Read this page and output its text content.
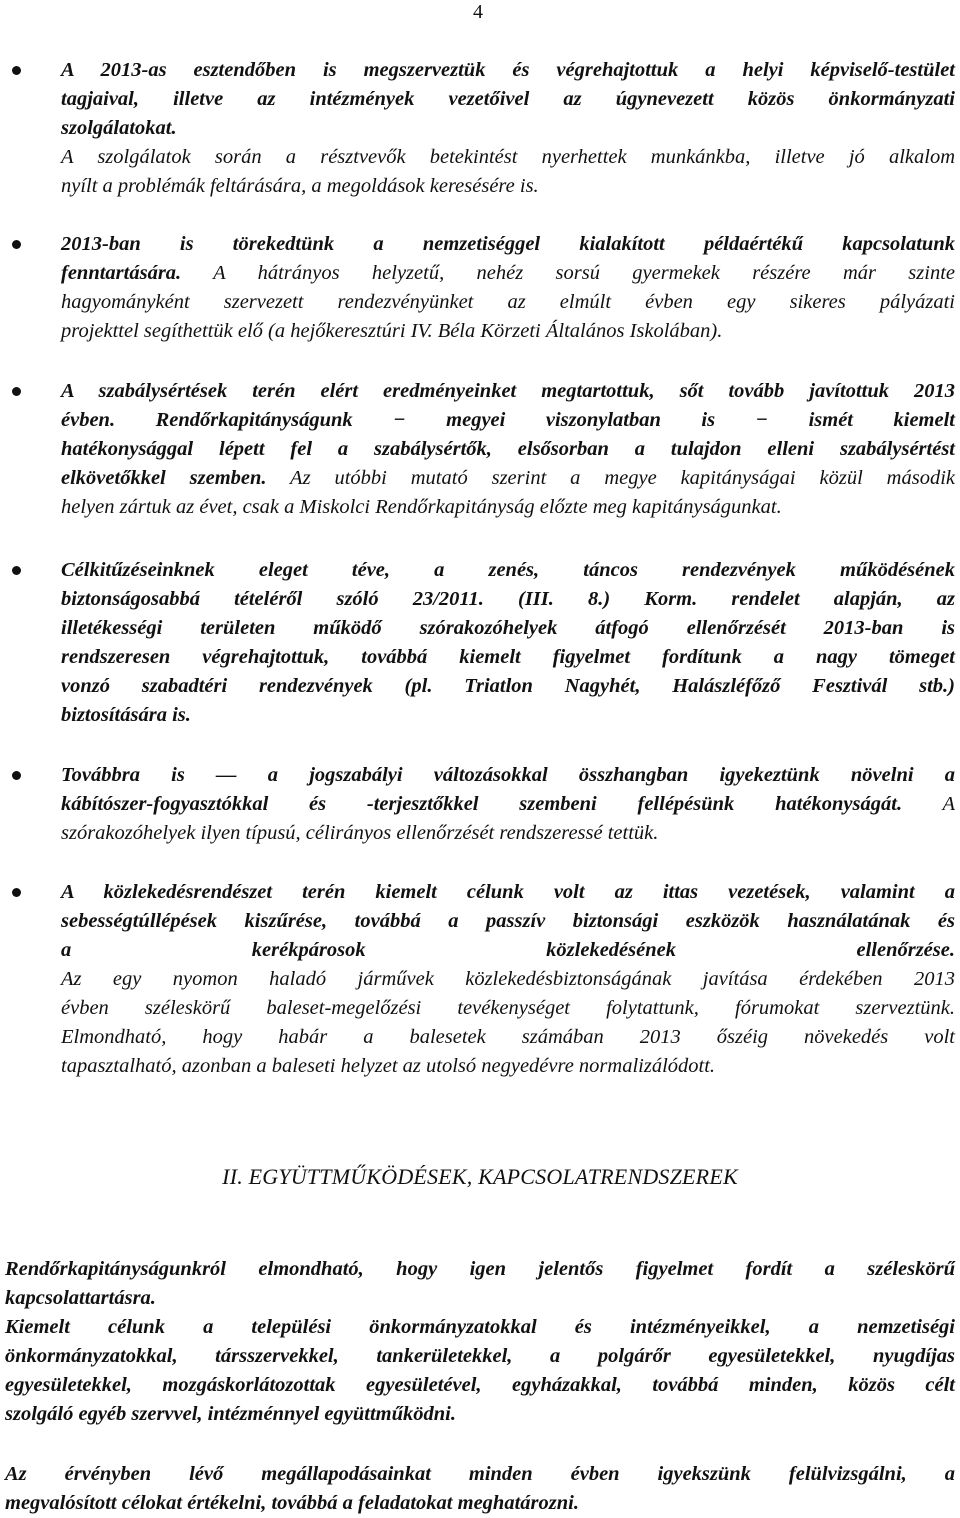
4
A 2013-as esztendőben is megszerveztük és végrehajtottuk a helyi képviselő-testület
tagjaival, illetve az intézmények vezetőivel az úgynevezett közös önkormányzati
szolgálatokat.
A szolgálatok során a résztvevők betekintést nyerhettek munkánkba, illetve jó alkalom
nyílt a problémák feltárására, a megoldások keresésére is.
2013-ban is törekedtünk a nemzetiséggel kialakított példaértékű kapcsolatunk
fenntartására. A hátrányos helyzetű, nehéz sorsú gyermekek részére már szinte
hagyományként szervezett rendezvényünket az elmúlt évben egy sikeres pályázati
projekttel segíthettük elő (a hejőkeresztúri IV. Béla Körzeti Általános Iskolában).
A szabálysértések terén elért eredményeinket megtartottuk, sőt tovább javítottuk 2013
évben. Rendőrkapitányságunk − megyei viszonylatban is − ismét kiemelt
hatékonysággal lépett fel a szabálysértők, elsősorban a tulajdon elleni szabálysértést
elkövetőkkel szemben. Az utóbbi mutató szerint a megye kapitányságai közül második
helyen zártuk az évet, csak a Miskolci Rendőrkapitányság előzte meg kapitányságunkat.
Célkitűzéseinknek eleget téve, a zenés, táncos rendezvények működésének
biztonságosabbá tételéről szóló 23/2011. (III. 8.) Korm. rendelet alapján, az
illetékességi területen működő szórakozóhelyek átfogó ellenőrzését 2013-ban is
rendszeresen végrehajtottuk, továbbá kiemelt figyelmet fordítunk a nagy tömeget
vonzó szabadtéri rendezvények (pl. Triatlon Nagyhét, Halászléfőző Fesztivál stb.)
biztosítására is.
Továbbra is — a jogszabályi változásokkal összhangban igyekeztünk növelni a
kábítószer-fogyasztókkal és -terjesztőkkel szembeni fellépésünk hatékonyságát. A
szórakozóhelyek ilyen típusú, célirányos ellenőrzését rendszeressé tettük.
A közlekedésrendészet terén kiemelt célunk volt az ittas vezetések, valamint a
sebességtúllépések kiszűrése, továbbá a passzív biztonsági eszközök használatának és
a kerékpárosok közlekedésének ellenőrzése.
Az egy nyomon haladó járművek közlekedésbiztonságának javítása érdekében 2013
évben széleskörű baleset-megelőzési tevékenységet folytattunk, fórumokat szerveztünk.
Elmondható, hogy habár a balesetek számában 2013 őszéig növekedés volt
tapasztalható, azonban a baleseti helyzet az utolsó negyedévre normalizálódott.
II. EGYÜTTMŰKÖDÉSEK, KAPCSOLATRENDSZEREK
Rendőrkapitányságunkról elmondható, hogy igen jelentős figyelmet fordít a széleskörű
kapcsolattartásra.
Kiemelt célunk a települési önkormányzatokkal és intézményeikkel, a nemzetiségi
önkormányzatokkal, társszervekkel, tankerületekkel, a polgárőr egyesületekkel, nyugdíjas
egyesületekkel, mozgáskorlátozottak egyesületével, egyházakkal, továbbá minden, közös célt
szolgáló egyéb szervvel, intézménnyel együttműködni.
Az érvényben lévő megállapodásainkat minden évben igyekszünk felülvizsgálni, a
megvalósított célokat értékelni, továbbá a feladatokat meghatározni.
